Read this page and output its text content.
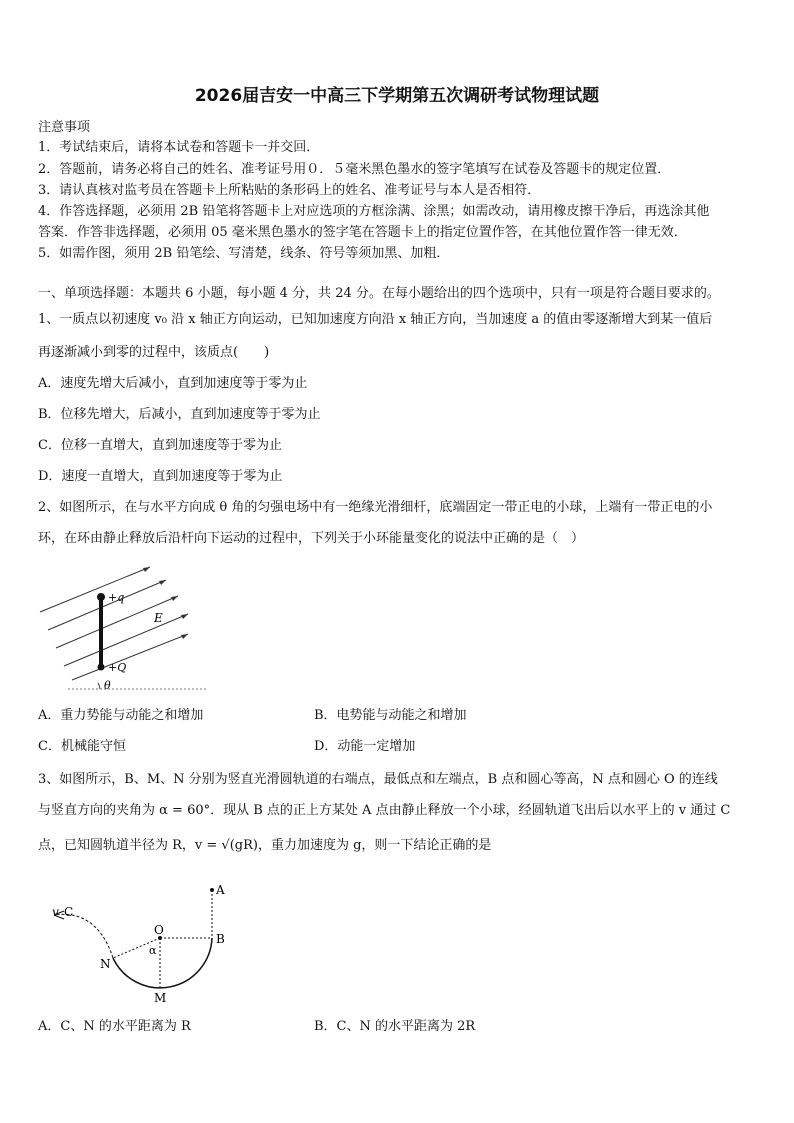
2026届吉安一中高三下学期第五次调研考试物理试题
注意事项
1．考试结束后，请将本试卷和答题卡一并交回．
2．答题前，请务必将自己的姓名、准考证号用０．５毫米黑色墨水的签字笔填写在试卷及答题卡的规定位置．
3．请认真核对监考员在答题卡上所粘贴的条形码上的姓名、准考证号与本人是否相符．
4．作答选择题，必须用 2B 铅笔将答题卡上对应选项的方框涂满、涂黑；如需改动，请用橡皮擦干净后，再选涂其他
答案．作答非选择题，必须用 05 毫米黑色墨水的签字笔在答题卡上的指定位置作答，在其他位置作答一律无效．
5．如需作图，须用 2B 铅笔绘、写清楚，线条、符号等须加黑、加粗．
一、单项选择题：本题共 6 小题，每小题 4 分，共 24 分。在每小题给出的四个选项中，只有一项是符合题目要求的。
1、一质点以初速度 v₀ 沿 x 轴正方向运动，已知加速度方向沿 x 轴正方向，当加速度 a 的值由零逐渐增大到某一值后
再逐渐减小到零的过程中，该质点(　　)
A．速度先增大后减小，直到加速度等于零为止
B．位移先增大，后减小，直到加速度等于零为止
C．位移一直增大，直到加速度等于零为止
D．速度一直增大，直到加速度等于零为止
2、如图所示，在与水平方向成 θ 角的匀强电场中有一绝缘光滑细杆，底端固定一带正电的小球，上端有一带正电的小
环，在环由静止释放后沿杆向下运动的过程中，下列关于小环能量变化的说法中正确的是（　）
+q
+Q
E
θ
A．重力势能与动能之和增加	B．电势能与动能之和增加
C．机械能守恒	D．动能一定增加
3、如图所示，B、M、N 分别为竖直光滑圆轨道的右端点，最低点和左端点，B 点和圆心等高，N 点和圆心 O 的连线
与竖直方向的夹角为 α = 60°．现从 B 点的正上方某处 A 点由静止释放一个小球，经圆轨道飞出后以水平上的 v 通过 C
点，已知圆轨道半径为 R，v = √(gR)，重力加速度为 g，则一下结论正确的是
v C
A
O
B
N
M
α
A．C、N 的水平距离为 R	B．C、N 的水平距离为 2R
